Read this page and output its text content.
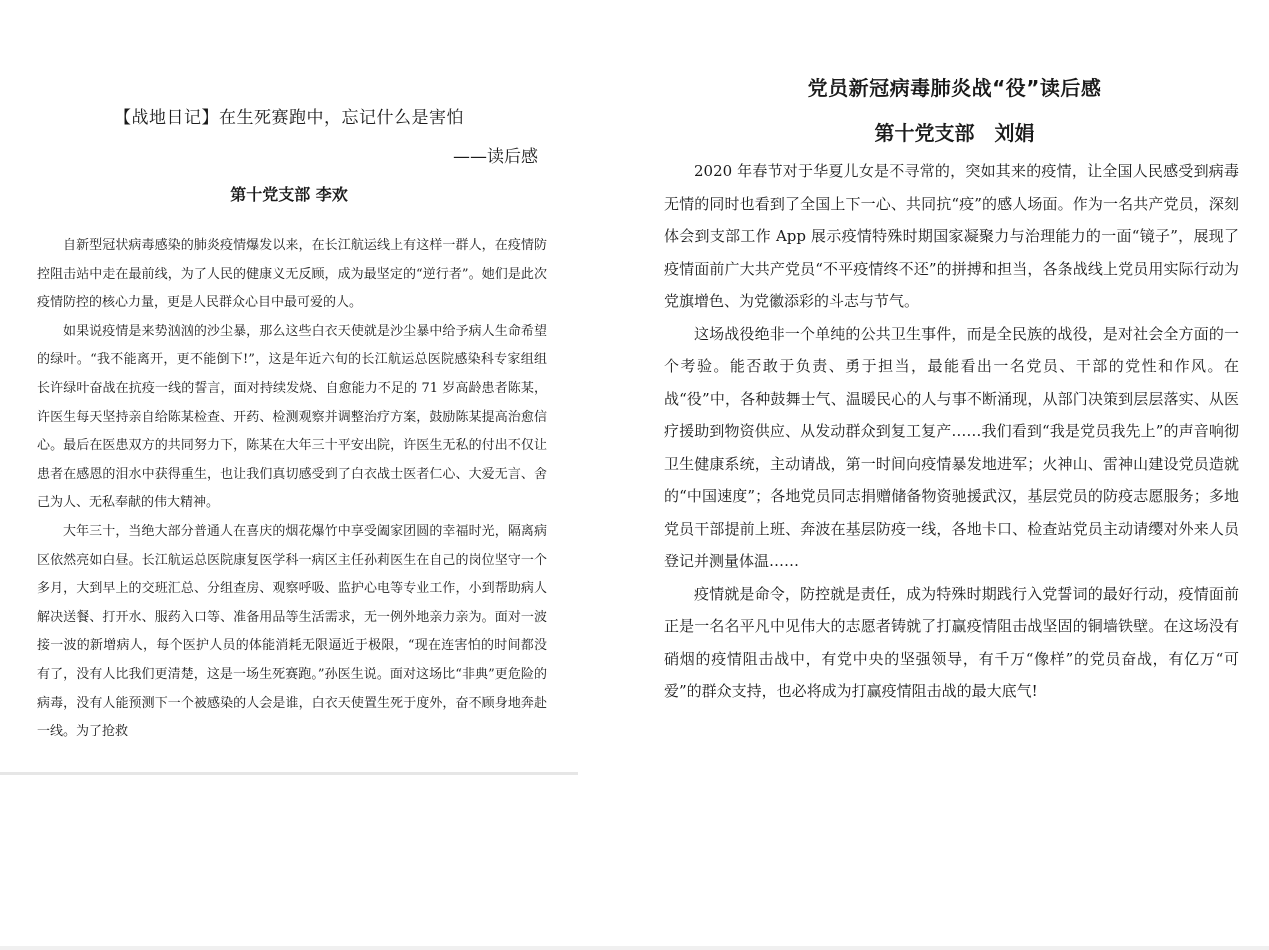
【战地日记】在生死赛跑中，忘记什么是害怕
——读后感
第十党支部 李欢

自新型冠状病毒感染的肺炎疫情爆发以来，在长江航运线上有这样一群人，在疫情防控阻击站中走在最前线，为了人民的健康义无反顾，成为最坚定的“逆行者”。她们是此次疫情防控的核心力量，更是人民群众心目中最可爱的人。

如果说疫情是来势汹汹的沙尘暴，那么这些白衣天使就是沙尘暴中给予病人生命希望的绿叶。“我不能离开，更不能倒下!”，这是年近六旬的长江航运总医院感染科专家组组长许绿叶奋战在抗疫一线的誓言，面对持续发烧、自愈能力不足的 71 岁高龄患者陈某，许医生每天坚持亲自给陈某检查、开药、检测观察并调整治疗方案，鼓励陈某提高治愈信心。最后在医患双方的共同努力下，陈某在大年三十平安出院，许医生无私的付出不仅让患者在感恩的泪水中获得重生，也让我们真切感受到了白衣战士医者仁心、大爱无言、舍己为人、无私奉献的伟大精神。

大年三十，当绝大部分普通人在喜庆的烟花爆竹中享受阖家团圆的幸福时光，隔离病区依然亮如白昼。长江航运总医院康复医学科一病区主任孙莉医生在自己的岗位坚守一个多月，大到早上的交班汇总、分组查房、观察呼吸、监护心电等专业工作，小到帮助病人解决送餐、打开水、服药入口等、准备用品等生活需求，无一例外地亲力亲为。面对一波接一波的新增病人，每个医护人员的体能消耗无限逼近于极限，“现在连害怕的时间都没有了，没有人比我们更清楚，这是一场生死赛跑。”孙医生说。面对这场比“非典”更危险的病毒，没有人能预测下一个被感染的人会是谁，白衣天使置生死于度外，奋不顾身地奔赴一线。为了抢救

党员新冠病毒肺炎战“役”读后感
第十党支部　刘娟

2020 年春节对于华夏儿女是不寻常的，突如其来的疫情，让全国人民感受到病毒无情的同时也看到了全国上下一心、共同抗“疫”的感人场面。作为一名共产党员，深刻体会到支部工作 App 展示疫情特殊时期国家凝聚力与治理能力的一面“镜子”，展现了疫情面前广大共产党员“不平疫情终不还”的拼搏和担当，各条战线上党员用实际行动为党旗增色、为党徽添彩的斗志与节气。

这场战役绝非一个单纯的公共卫生事件，而是全民族的战役，是对社会全方面的一个考验。能否敢于负责、勇于担当，最能看出一名党员、干部的党性和作风。在战“役”中，各种鼓舞士气、温暖民心的人与事不断涌现，从部门决策到层层落实、从医疗援助到物资供应、从发动群众到复工复产……我们看到“我是党员我先上”的声音响彻卫生健康系统，主动请战，第一时间向疫情暴发地进军；火神山、雷神山建设党员造就的“中国速度”；各地党员同志捐赠储备物资驰援武汉，基层党员的防疫志愿服务；多地党员干部提前上班、奔波在基层防疫一线，各地卡口、检查站党员主动请缨对外来人员登记并测量体温……

疫情就是命令，防控就是责任，成为特殊时期践行入党誓词的最好行动，疫情面前正是一名名平凡中见伟大的志愿者铸就了打赢疫情阻击战坚固的铜墙铁壁。在这场没有硝烟的疫情阻击战中，有党中央的坚强领导，有千万“像样”的党员奋战，有亿万“可爱”的群众支持，也必将成为打赢疫情阻击战的最大底气!
